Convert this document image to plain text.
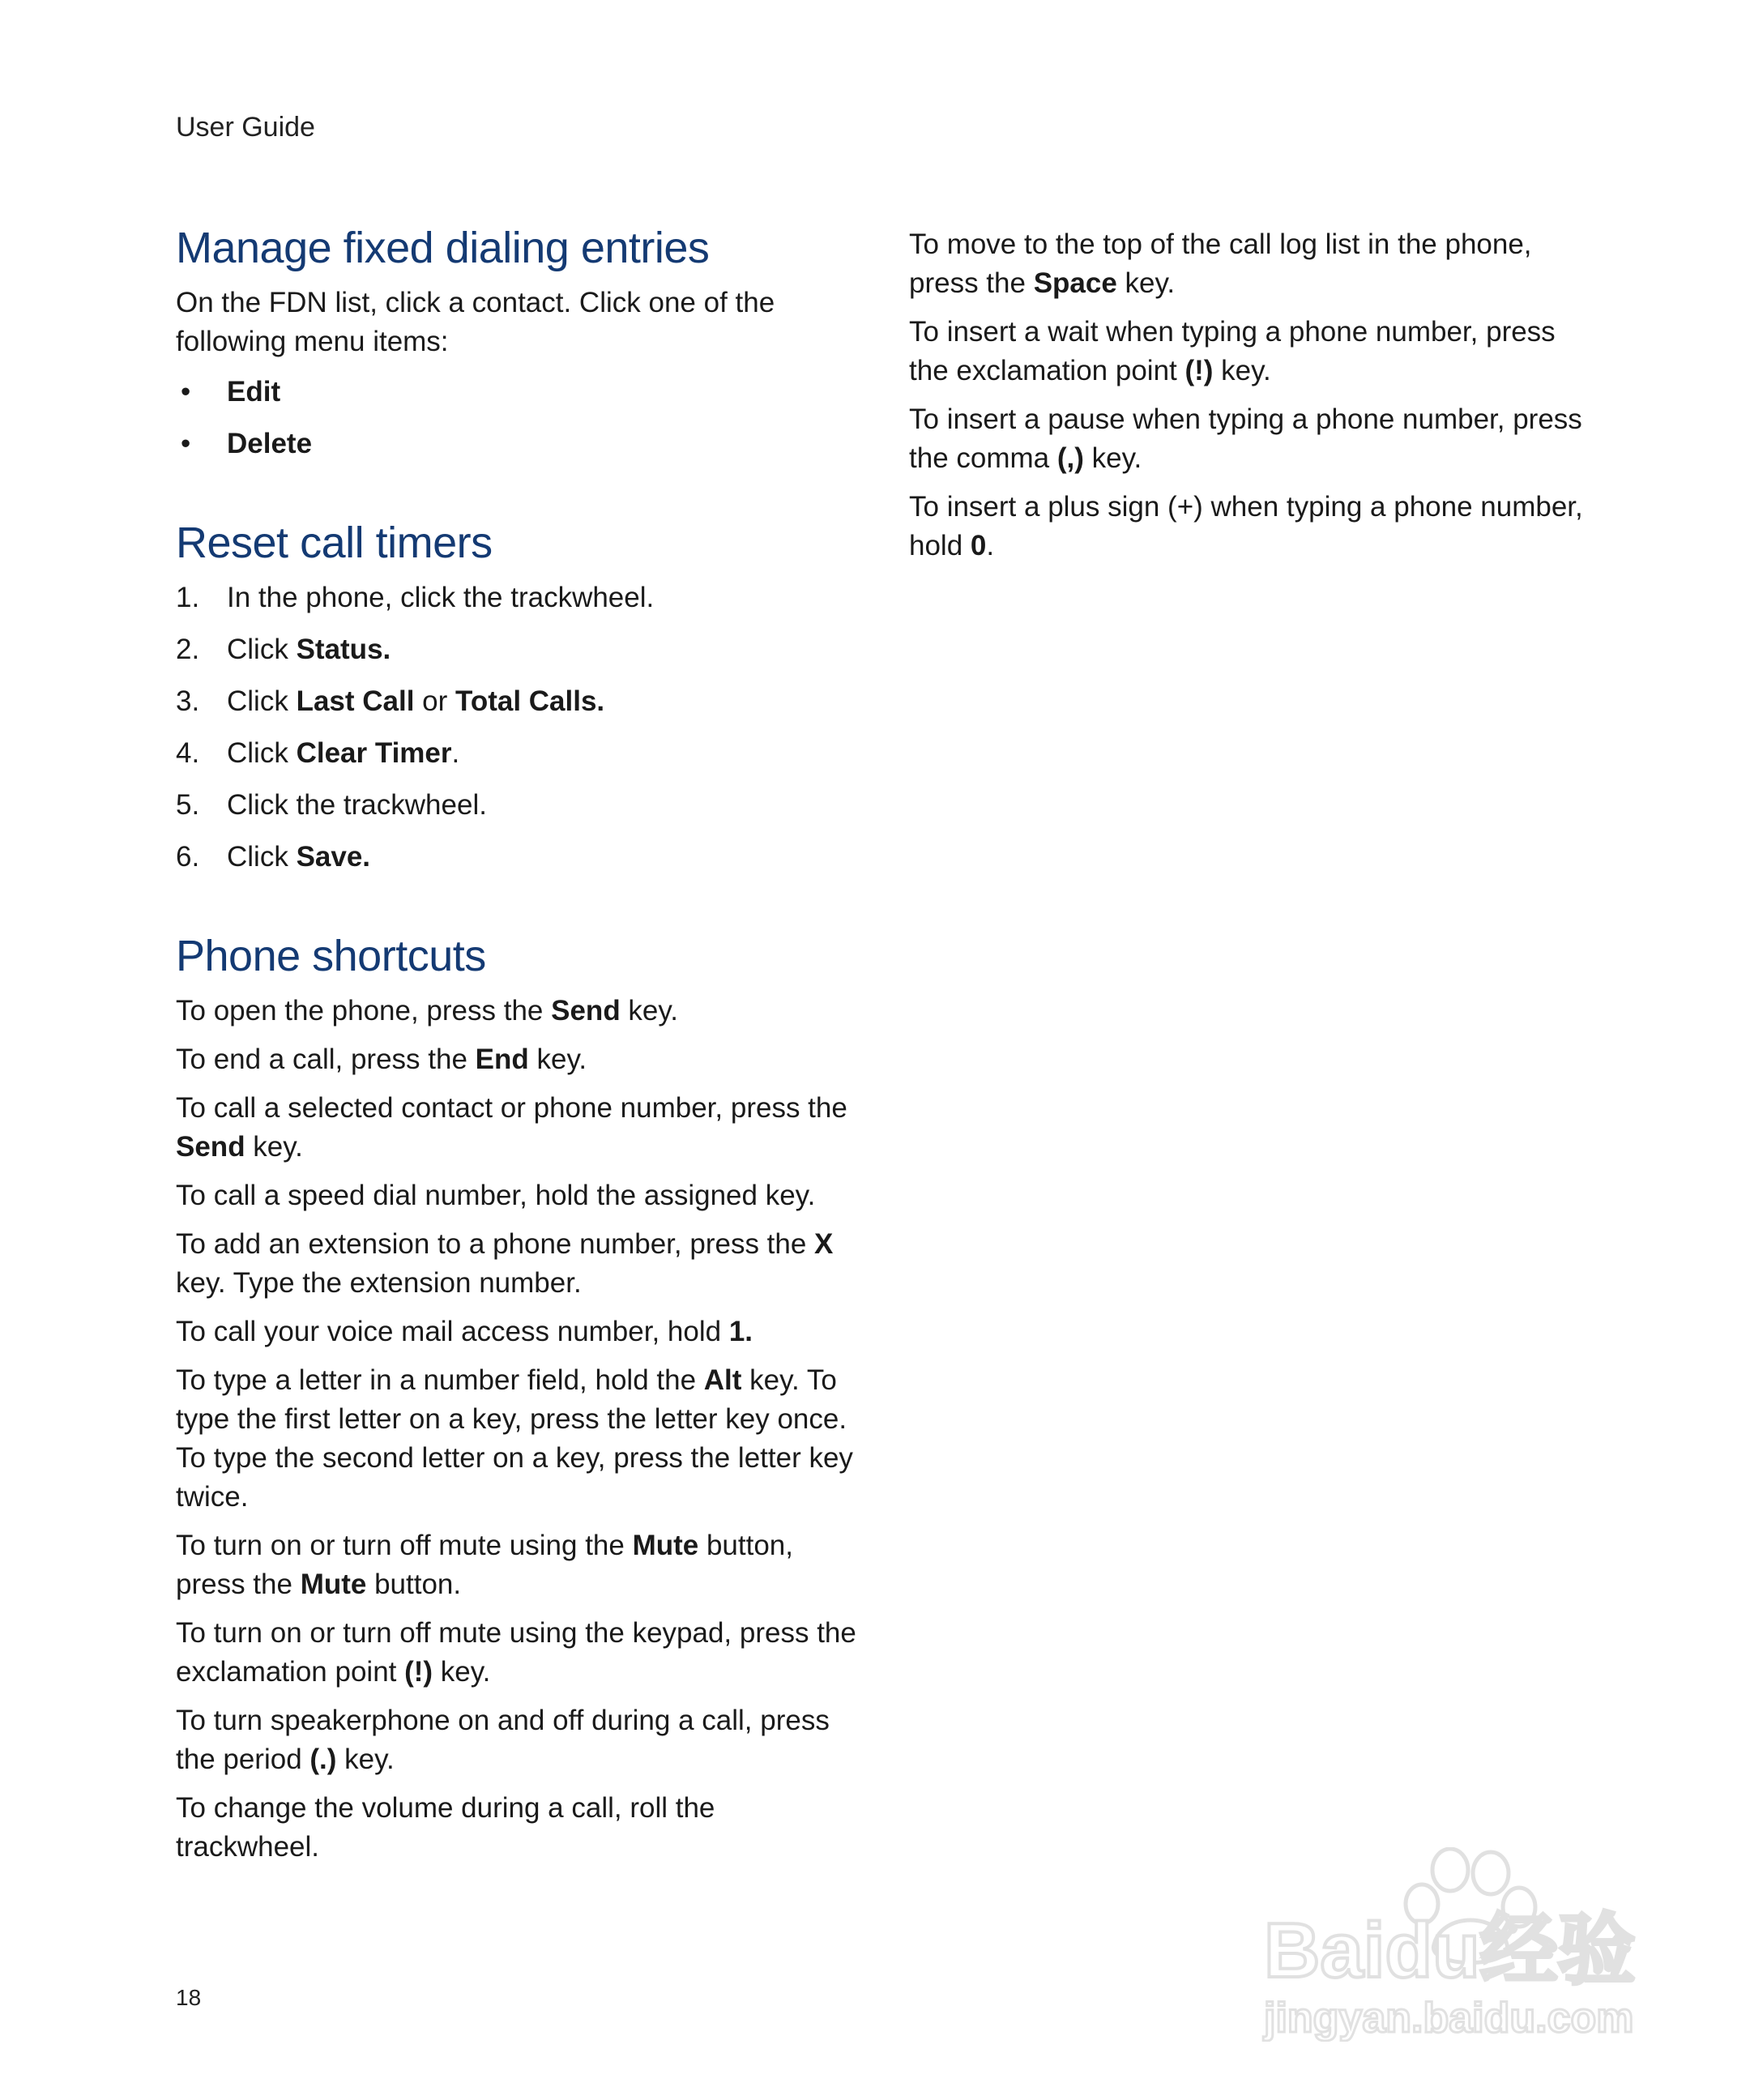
User Guide
Manage fixed dialing entries

On the FDN list, click a contact. Click one of the following menu items:

• Edit
• Delete
Reset call timers
1. In the phone, click the trackwheel.
2. Click Status.
3. Click Last Call or Total Calls.
4. Click Clear Timer.
5. Click the trackwheel.
6. Click Save.
Phone shortcuts

To open the phone, press the Send key.

To end a call, press the End key.

To call a selected contact or phone number, press the Send key.

To call a speed dial number, hold the assigned key.

To add an extension to a phone number, press the X key. Type the extension number.

To call your voice mail access number, hold 1.

To type a letter in a number field, hold the Alt key. To type the first letter on a key, press the letter key once. To type the second letter on a key, press the letter key twice.

To turn on or turn off mute using the Mute button, press the Mute button.

To turn on or turn off mute using the keypad, press the exclamation point (!) key.

To turn speakerphone on and off during a call, press the period (.) key.

To change the volume during a call, roll the trackwheel.

To move to the top of the call log list in the phone, press the Space key.

To insert a wait when typing a phone number, press the exclamation point (!) key.

To insert a pause when typing a phone number, press the comma (,) key.

To insert a plus sign (+) when typing a phone number, hold 0.

18
Baidu经验
jingyan.baidu.com
